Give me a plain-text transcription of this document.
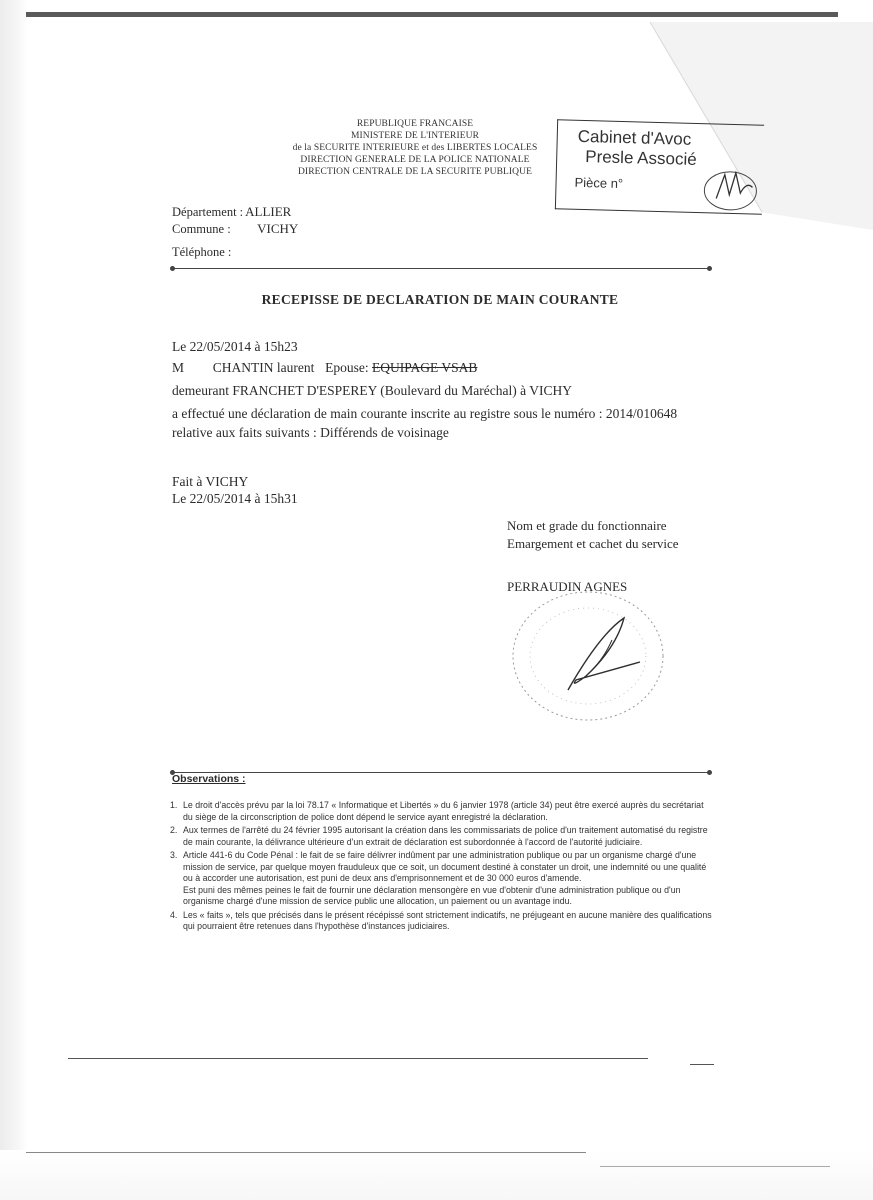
REPUBLIQUE FRANCAISE
MINISTERE DE L'INTERIEUR
de la SECURITE INTERIEURE et des LIBERTES LOCALES
DIRECTION GENERALE DE LA POLICE NATIONALE
DIRECTION CENTRALE DE LA SECURITE PUBLIQUE
Cabinet d'Avoc
Presle Associé
Pièce n°
Département : ALLIER
Commune : VICHY
Téléphone :
RECEPISSE DE DECLARATION DE MAIN COURANTE
Le 22/05/2014 à 15h23
M CHANTIN laurent Epouse: EQUIPAGE VSAB
demeurant FRANCHET D'ESPEREY (Boulevard du Maréchal) à VICHY
a effectué une déclaration de main courante inscrite au registre sous le numéro : 2014/010648
relative aux faits suivants : Différends de voisinage
Fait à VICHY
Le 22/05/2014 à 15h31
Nom et grade du fonctionnaire
Emargement et cachet du service
PERRAUDIN AGNES
Observations :
1. Le droit d'accès prévu par la loi 78.17 « Informatique et Libertés » du 6 janvier 1978 (article 34) peut être exercé auprès du secrétariat du siège de la circonscription de police dont dépend le service ayant enregistré la déclaration.
2. Aux termes de l'arrêté du 24 février 1995 autorisant la création dans les commissariats de police d'un traitement automatisé du registre de main courante, la délivrance ultérieure d'un extrait de déclaration est subordonnée à l'accord de l'autorité judiciaire.
3. Article 441-6 du Code Pénal : le fait de se faire délivrer indûment par une administration publique ou par un organisme chargé d'une mission de service, par quelque moyen frauduleux que ce soit, un document destiné à constater un droit, une indemnité ou une qualité ou à accorder une autorisation, est puni de deux ans d'emprisonnement et de 30 000 euros d'amende.
Est puni des mêmes peines le fait de fournir une déclaration mensongère en vue d'obtenir d'une administration publique ou d'un organisme chargé d'une mission de service public une allocation, un paiement ou un avantage indu.
4. Les « faits », tels que précisés dans le présent récépissé sont strictement indicatifs, ne préjugeant en aucune manière des qualifications qui pourraient être retenues dans l'hypothèse d'instances judiciaires.
